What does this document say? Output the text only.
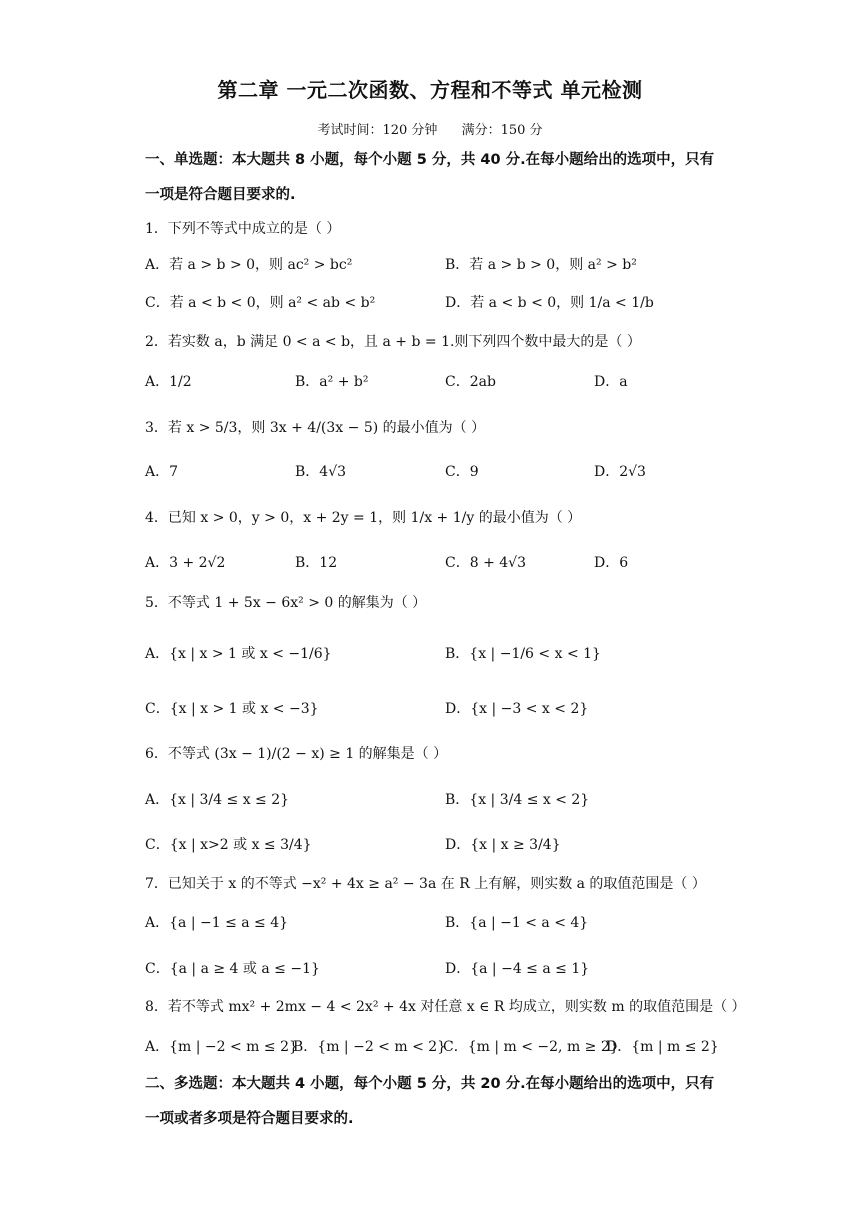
第二章 一元二次函数、方程和不等式 单元检测
考试时间：120 分钟 满分：150 分
一、单选题：本大题共 8 小题，每个小题 5 分，共 40 分.在每小题给出的选项中，只有
一项是符合题目要求的.
1．下列不等式中成立的是（ ）
A．若 a > b > 0，则 ac² > bc²	B．若 a > b > 0，则 a² > b²
C．若 a < b < 0，则 a² < ab < b²	D．若 a < b < 0，则 1/a < 1/b
2．若实数 a，b 满足 0 < a < b，且 a + b = 1.则下列四个数中最大的是（ ）
A．1/2	B．a² + b²	C．2ab	D．a
3．若 x > 5/3，则 3x + 4/(3x − 5) 的最小值为（ ）
A．7	B．4√3	C．9	D．2√3
4．已知 x > 0，y > 0，x + 2y = 1，则 1/x + 1/y 的最小值为（ ）
A．3 + 2√2	B．12	C．8 + 4√3	D．6
5．不等式 1 + 5x − 6x² > 0 的解集为（ ）
A．{x | x > 1 或 x < −1/6}	B．{x | −1/6 < x < 1}
C．{x | x > 1 或 x < −3}	D．{x | −3 < x < 2}
6．不等式 (3x − 1)/(2 − x) ≥ 1 的解集是（ ）
A．{x | 3/4 ≤ x ≤ 2}	B．{x | 3/4 ≤ x < 2}
C．{x | x>2 或 x ≤ 3/4}	D．{x | x ≥ 3/4}
7．已知关于 x 的不等式 −x² + 4x ≥ a² − 3a 在 R 上有解，则实数 a 的取值范围是（ ）
A．{a | −1 ≤ a ≤ 4}	B．{a | −1 < a < 4}
C．{a | a ≥ 4 或 a ≤ −1}	D．{a | −4 ≤ a ≤ 1}
8．若不等式 mx² + 2mx − 4 < 2x² + 4x 对任意 x ∈ R 均成立，则实数 m 的取值范围是（ ）
A．{m | −2 < m ≤ 2}
B．{m | −2 < m < 2}
C．{m | m < −2, m ≥ 2}
D．{m | m ≤ 2}
二、多选题：本大题共 4 小题，每个小题 5 分，共 20 分.在每小题给出的选项中，只有
一项或者多项是符合题目要求的.
